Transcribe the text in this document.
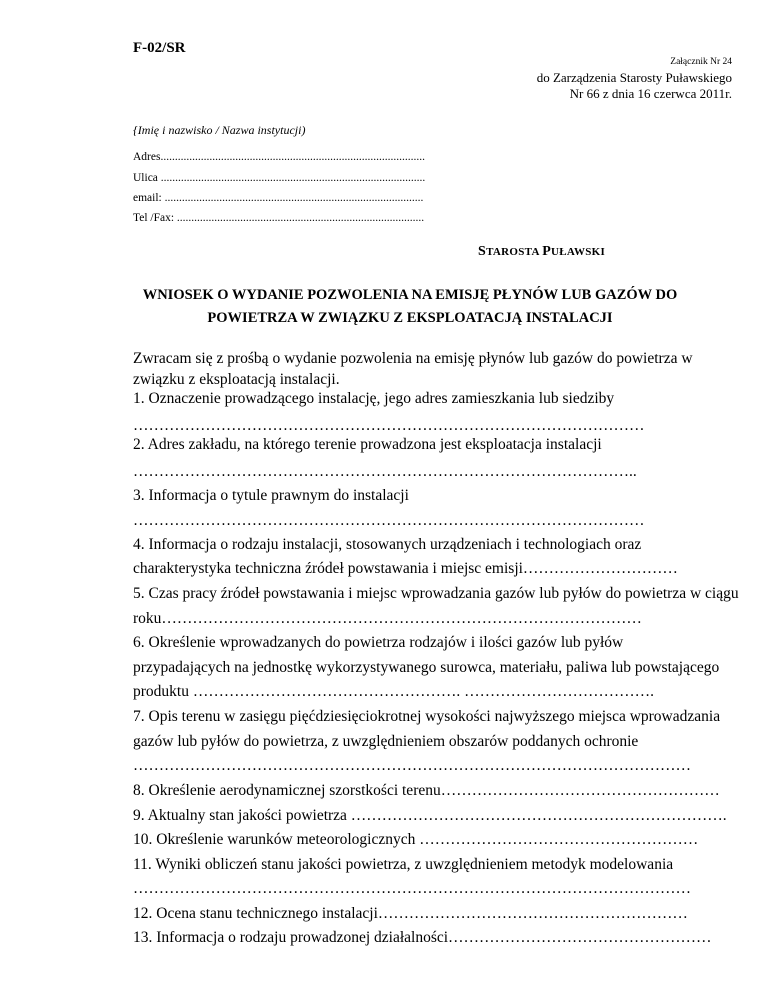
F-02/SR
Załącznik Nr 24
do Zarządzenia Starosty Puławskiego
Nr 66 z dnia 16 czerwca 2011r.
{Imię i nazwisko / Nazwa instytucji)
Adres............................................................................................
Ulica ............................................................................................
email: ..........................................................................................
Tel /Fax: ......................................................................................
STAROSTA PUŁAWSKI
WNIOSEK O WYDANIE POZWOLENIA NA EMISJĘ PŁYNÓW LUB GAZÓW DO
POWIETRZA W ZWIĄZKU Z EKSPLOATACJĄ INSTALACJI
Zwracam się z prośbą o wydanie pozwolenia na emisję płynów lub gazów do powietrza w
związku z eksploatacją instalacji.
1. Oznaczenie prowadzącego instalację, jego adres zamieszkania lub siedziby
………………………………………………………………………………………
2. Adres zakładu, na którego terenie prowadzona jest eksploatacja instalacji
……………………………………………………………………………………..
3. Informacja o tytule prawnym do instalacji
………………………………………………………………………………………
4. Informacja o rodzaju instalacji, stosowanych urządzeniach i technologiach oraz
charakterystyka techniczna źródeł powstawania i miejsc emisji…………………………
5. Czas pracy źródeł powstawania i miejsc wprowadzania gazów lub pyłów do powietrza w ciągu
roku…………………………………………………………………………………
6. Określenie wprowadzanych do powietrza rodzajów i ilości gazów lub pyłów
przypadających na jednostkę wykorzystywanego surowca, materiału, paliwa lub powstającego
produktu ……………………………………………. ……………………………….
7. Opis terenu w zasięgu pięćdziesięciokrotnej wysokości najwyższego miejsca wprowadzania
gazów lub pyłów do powietrza, z uwzględnieniem obszarów poddanych ochronie
………………………………………………………………………………………………
8. Określenie aerodynamicznej szorstkości terenu………………………………………………
9. Aktualny stan jakości powietrza ……………………………………………………………….
10. Określenie warunków meteorologicznych ………………………………………………
11. Wyniki obliczeń stanu jakości powietrza, z uwzględnieniem metodyk modelowania
………………………………………………………………………………………………
12. Ocena stanu technicznego instalacji……………………………………………………
13. Informacja o rodzaju prowadzonej działalności……………………………………………
